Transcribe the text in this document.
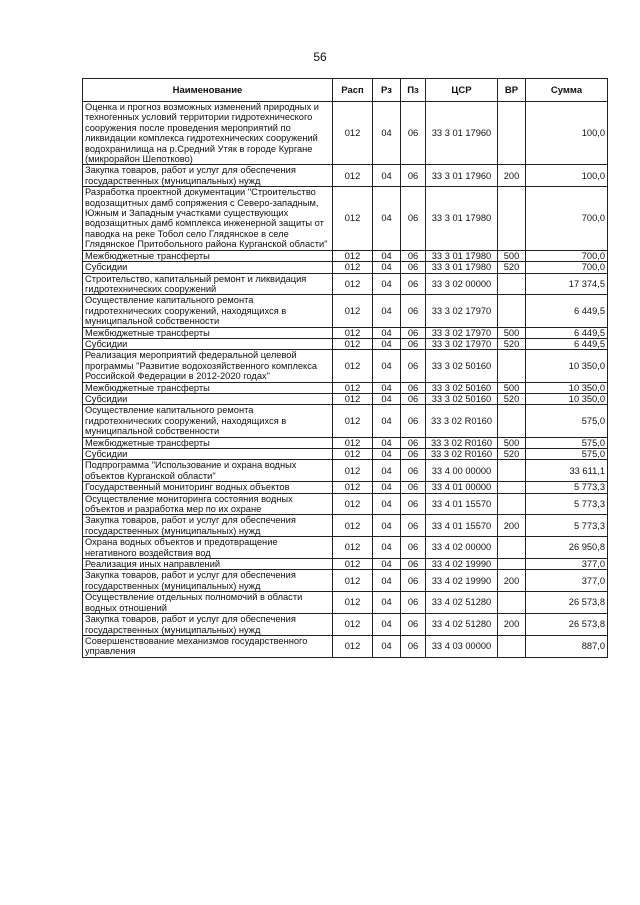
56
Наименование	Расп	Рз	Пз	ЦСР	ВР	Сумма
Оценка и прогноз возможных изменений природных и техногенных условий территории гидротехнического сооружения после проведения мероприятий по ликвидации комплекса гидротехнических сооружений водохранилища на р.Средний Утяк в городе Кургане (микрорайон Шепотково)	012	04	06	33 3 01 17960		100,0
Закупка товаров, работ и услуг для обеспечения государственных (муниципальных) нужд	012	04	06	33 3 01 17960	200	100,0
Разработка проектной документации "Строительство водозащитных дамб сопряжения с Северо-западным, Южным и Западным участками существующих водозащитных дамб комплекса инженерной защиты от паводка на реке Тобол село Глядянское в селе Глядянское Притобольного района Курганской области"	012	04	06	33 3 01 17980		700,0
Межбюджетные трансферты	012	04	06	33 3 01 17980	500	700,0
Субсидии	012	04	06	33 3 01 17980	520	700,0
Строительство, капитальный ремонт и ликвидация гидротехнических сооружений	012	04	06	33 3 02 00000		17 374,5
Осуществление капитального ремонта гидротехнических сооружений, находящихся в муниципальной собственности	012	04	06	33 3 02 17970		6 449,5
Межбюджетные трансферты	012	04	06	33 3 02 17970	500	6 449,5
Субсидии	012	04	06	33 3 02 17970	520	6 449,5
Реализация мероприятий федеральной целевой программы "Развитие водохозяйственного комплекса Российской Федерации в 2012-2020 годах"	012	04	06	33 3 02 50160		10 350,0
Межбюджетные трансферты	012	04	06	33 3 02 50160	500	10 350,0
Субсидии	012	04	06	33 3 02 50160	520	10 350,0
Осуществление капитального ремонта гидротехнических сооружений, находящихся в муниципальной собственности	012	04	06	33 3 02 R0160		575,0
Межбюджетные трансферты	012	04	06	33 3 02 R0160	500	575,0
Субсидии	012	04	06	33 3 02 R0160	520	575,0
Подпрограмма "Использование и охрана водных объектов Курганской области"	012	04	06	33 4 00 00000		33 611,1
Государственный мониторинг водных объектов	012	04	06	33 4 01 00000		5 773,3
Осуществление мониторинга состояния водных объектов и разработка мер по их охране	012	04	06	33 4 01 15570		5 773,3
Закупка товаров, работ и услуг для обеспечения государственных (муниципальных) нужд	012	04	06	33 4 01 15570	200	5 773,3
Охрана водных объектов и предотвращение негативного воздействия вод	012	04	06	33 4 02 00000		26 950,8
Реализация иных направлений	012	04	06	33 4 02 19990		377,0
Закупка товаров, работ и услуг для обеспечения государственных (муниципальных) нужд	012	04	06	33 4 02 19990	200	377,0
Осуществление отдельных полномочий в области водных отношений	012	04	06	33 4 02 51280		26 573,8
Закупка товаров, работ и услуг для обеспечения государственных (муниципальных) нужд	012	04	06	33 4 02 51280	200	26 573,8
Совершенствование механизмов государственного управления	012	04	06	33 4 03 00000		887,0
